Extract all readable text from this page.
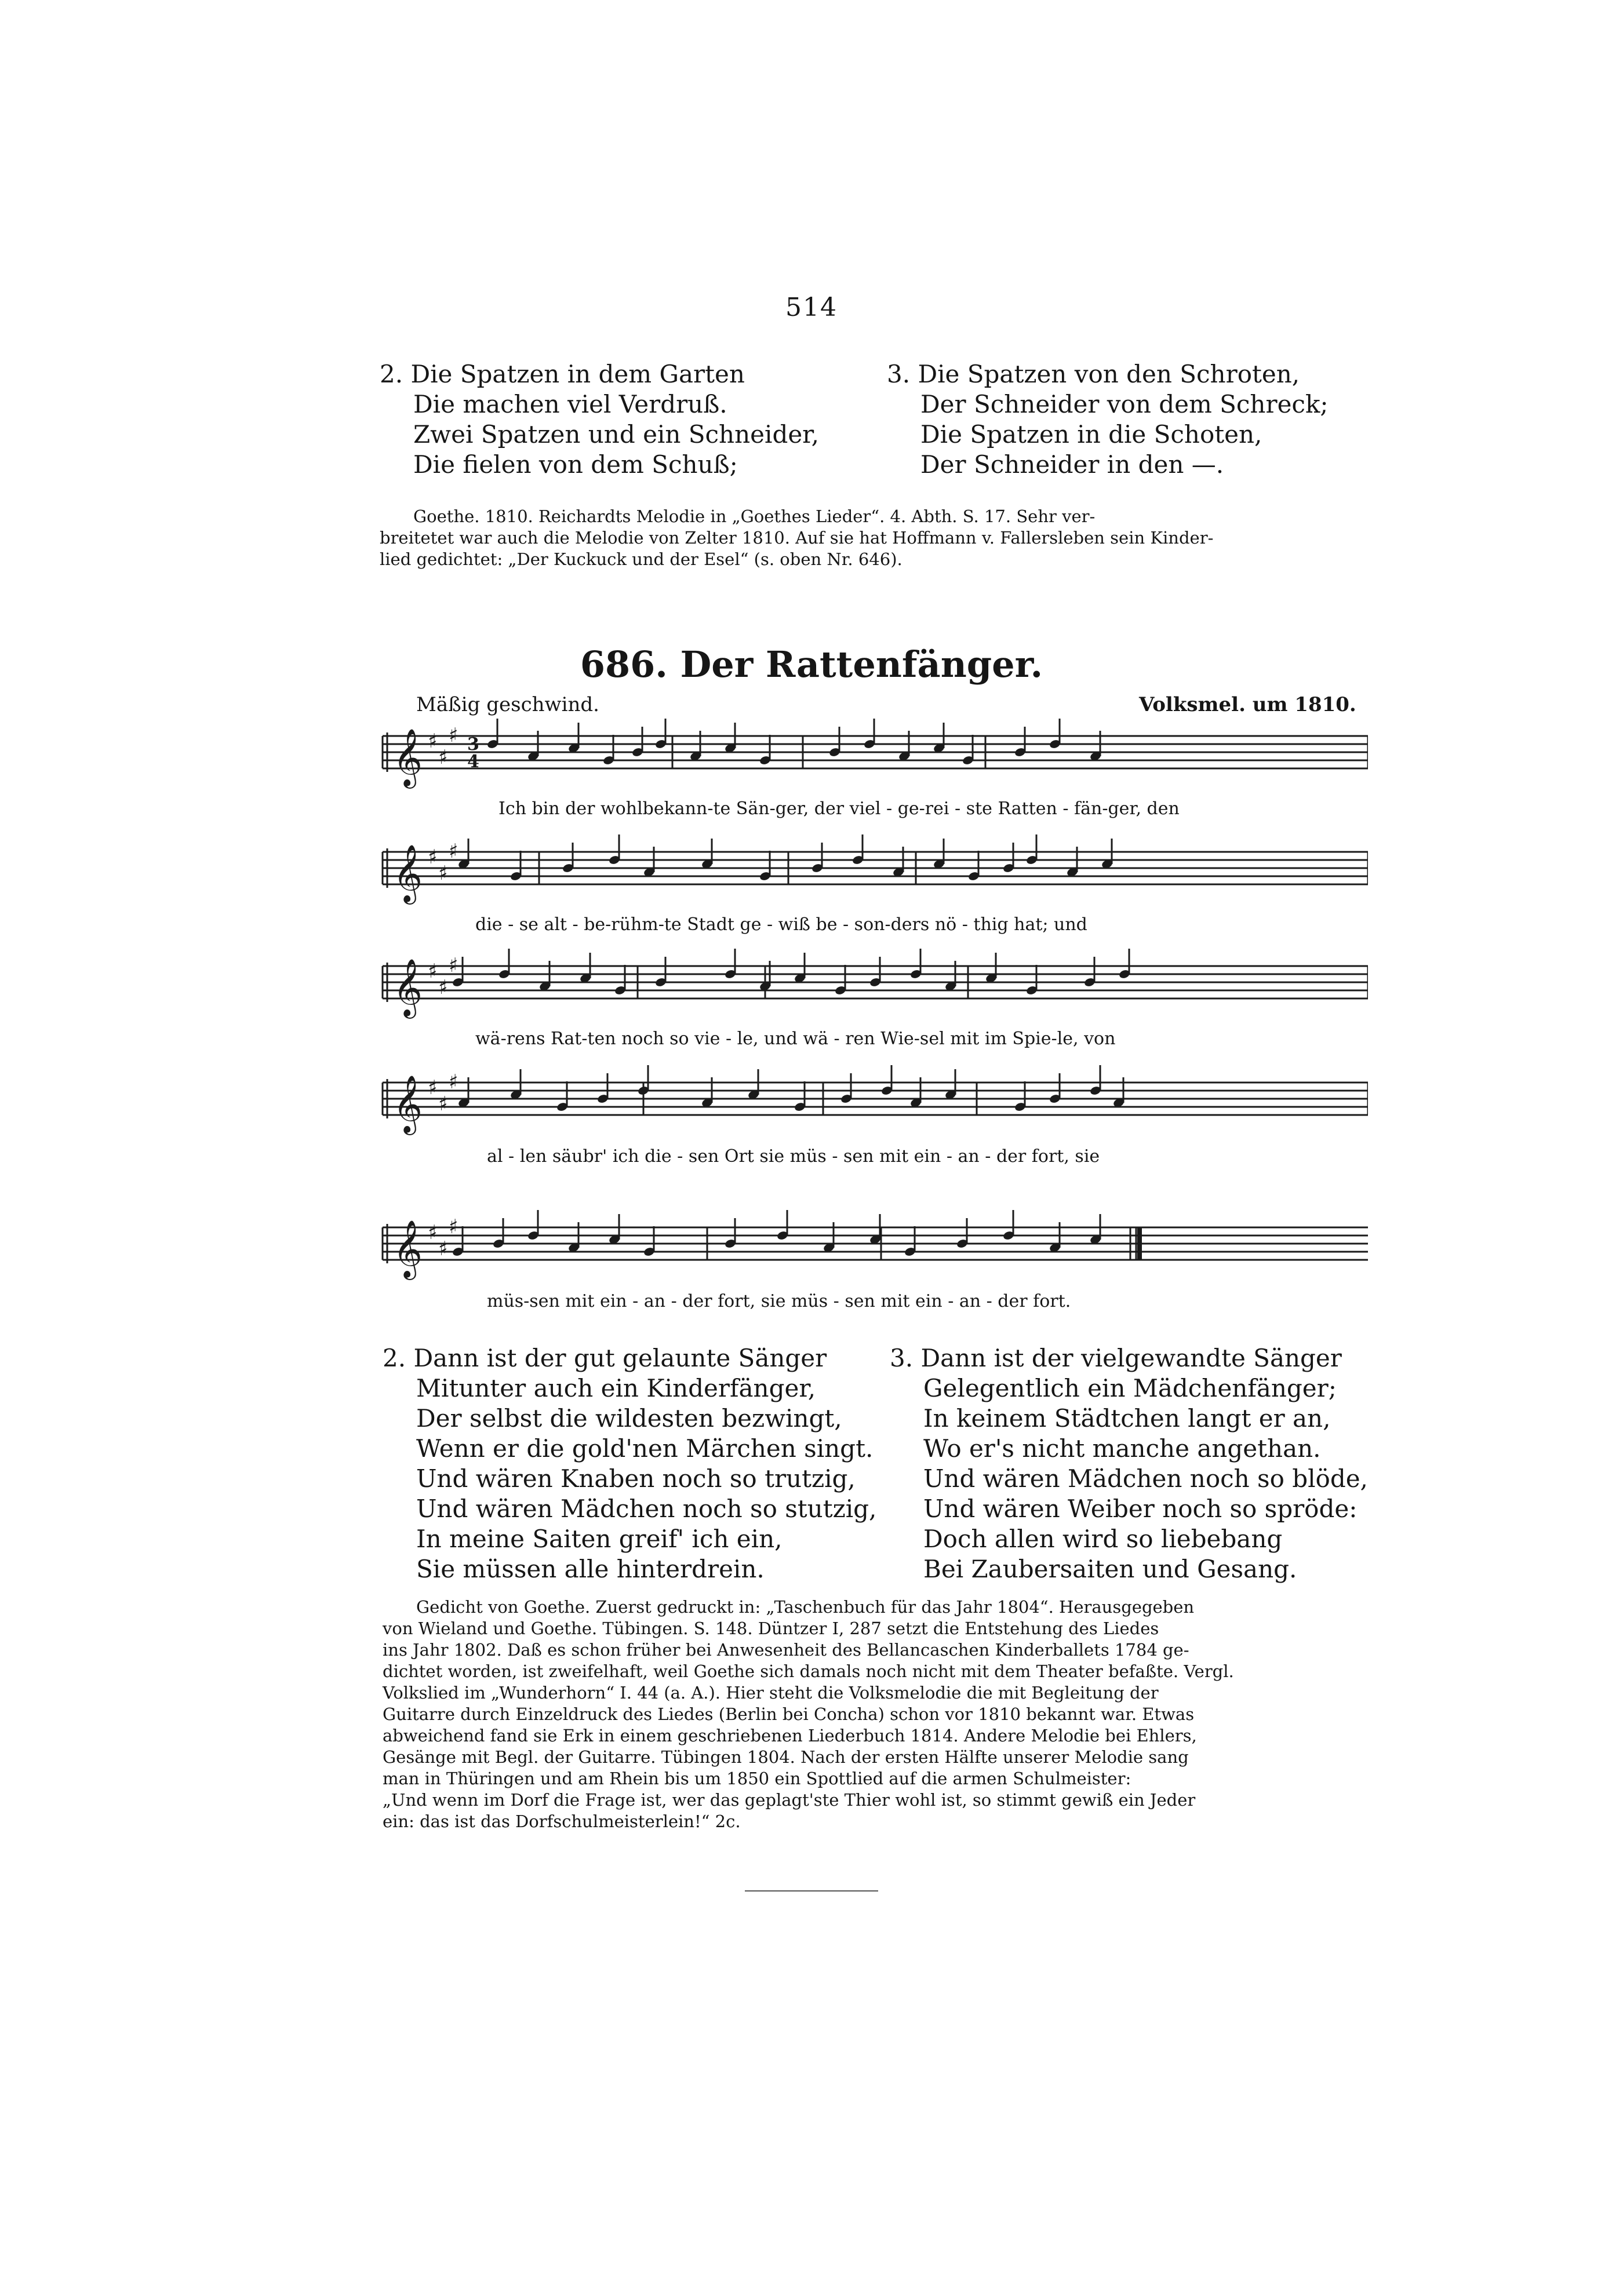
514
2. Die Spatzen in dem Garten
Die machen viel Verdruß.
Zwei Spatzen und ein Schneider,
Die fielen von dem Schuß;
3. Die Spatzen von den Schroten,
Der Schneider von dem Schreck;
Die Spatzen in die Schoten,
Der Schneider in den —.
Goethe. 1810. Reichardts Melodie in „Goethes Lieder“. 4. Abth. S. 17. Sehr ver-
breitetet war auch die Melodie von Zelter 1810. Auf sie hat Hoffmann v. Fallersleben sein Kinder-
lied gedichtet: „Der Kuckuck und der Esel“ (s. oben Nr. 646).
686. Der Rattenfänger.
Mäßig geschwind.	Volksmel. um 1810.
𝄞 ♯
♯
♯
𝄞 ♯
♯
♯
𝄞 ♯
♯
♯
𝄞 ♯
♯
♯
𝄞 ♯
♯
♯
3
4
Ich bin der wohlbekann-te Sän-ger, der viel - ge-rei - ste Ratten - fän-ger, den
die - se alt - be-rühm-te Stadt ge - wiß be - son-ders nö - thig hat; und
wä-rens Rat-ten noch so vie - le, und wä - ren Wie-sel mit im Spie-le, von
al - len säubr' ich die - sen Ort sie müs - sen mit ein - an - der fort, sie
müs-sen mit ein - an - der fort, sie müs - sen mit ein - an - der fort.
2. Dann ist der gut gelaunte Sänger
Mitunter auch ein Kinderfänger,
Der selbst die wildesten bezwingt,
Wenn er die gold'nen Märchen singt.
Und wären Knaben noch so trutzig,
Und wären Mädchen noch so stutzig,
In meine Saiten greif' ich ein,
Sie müssen alle hinterdrein.
3. Dann ist der vielgewandte Sänger
Gelegentlich ein Mädchenfänger;
In keinem Städtchen langt er an,
Wo er's nicht manche angethan.
Und wären Mädchen noch so blöde,
Und wären Weiber noch so spröde:
Doch allen wird so liebebang
Bei Zaubersaiten und Gesang.
Gedicht von Goethe. Zuerst gedruckt in: „Taschenbuch für das Jahr 1804“. Herausgegeben
von Wieland und Goethe. Tübingen. S. 148. Düntzer I, 287 setzt die Entstehung des Liedes
ins Jahr 1802. Daß es schon früher bei Anwesenheit des Bellancaschen Kinderballets 1784 ge-
dichtet worden, ist zweifelhaft, weil Goethe sich damals noch nicht mit dem Theater befaßte. Vergl.
Volkslied im „Wunderhorn“ I. 44 (a. A.). Hier steht die Volksmelodie die mit Begleitung der
Guitarre durch Einzeldruck des Liedes (Berlin bei Concha) schon vor 1810 bekannt war. Etwas
abweichend fand sie Erk in einem geschriebenen Liederbuch 1814. Andere Melodie bei Ehlers,
Gesänge mit Begl. der Guitarre. Tübingen 1804. Nach der ersten Hälfte unserer Melodie sang
man in Thüringen und am Rhein bis um 1850 ein Spottlied auf die armen Schulmeister:
„Und wenn im Dorf die Frage ist, wer das geplagt'ste Thier wohl ist, so stimmt gewiß ein Jeder
ein: das ist das Dorfschulmeisterlein!“ 2c.
